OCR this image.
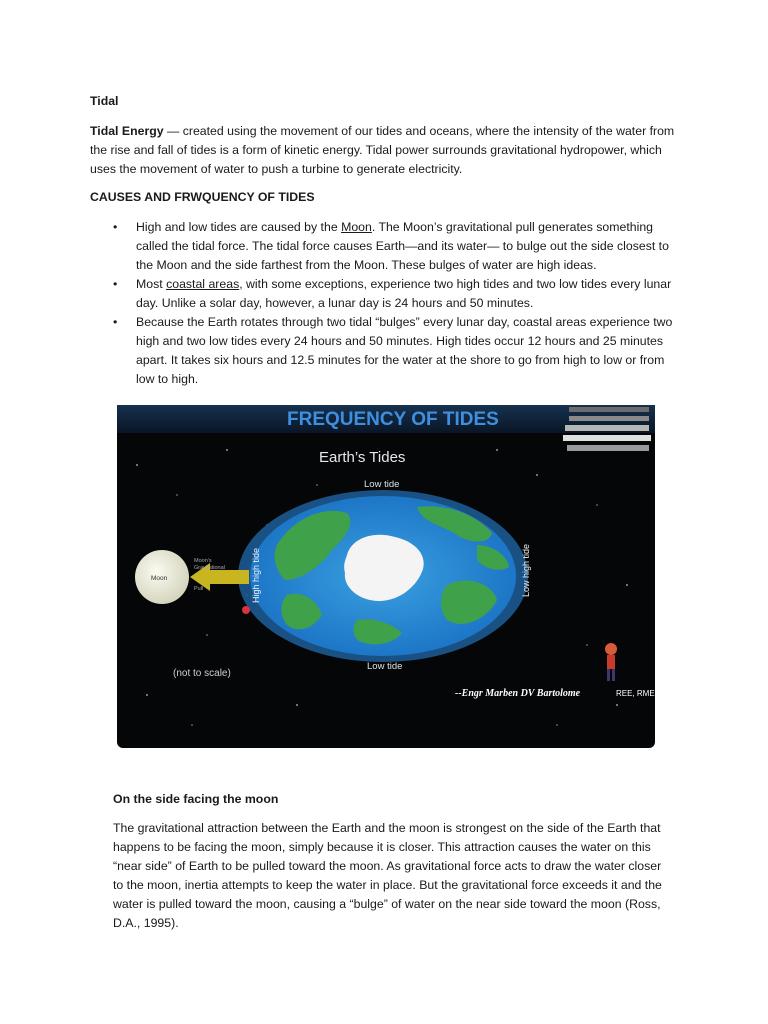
Tidal

Tidal Energy — created using the movement of our tides and oceans, where the intensity of the water from the rise and fall of tides is a form of kinetic energy. Tidal power surrounds gravitational hydropower, which uses the movement of water to push a turbine to generate electricity.

CAUSES AND FRWQUENCY OF TIDES
• High and low tides are caused by the Moon. The Moon’s gravitational pull generates something called the tidal force. The tidal force causes Earth—and its water— to bulge out the side closest to the Moon and the side farthest from the Moon. These bulges of water are high ideas.
• Most coastal areas, with some exceptions, experience two high tides and two low tides every lunar day. Unlike a solar day, however, a lunar day is 24 hours and 50 minutes.
• Because the Earth rotates through two tidal “bulges” every lunar day, coastal areas experience two high and two low tides every 24 hours and 50 minutes. High tides occur 12 hours and 25 minutes apart. It takes six hours and 12.5 minutes for the water at the shore to go from high to low or from low to high.
FREQUENCY OF TIDES
Earth’s Tides
Low tide
Low tide
High high tide	Low high tide
Moon
Moon’s
Gravitational
Pull
(not to scale)
--Engr Marben DV Bartolome	REE, RME
On the side facing the moon

The gravitational attraction between the Earth and the moon is strongest on the side of the Earth that happens to be facing the moon, simply because it is closer. This attraction causes the water on this “near side” of Earth to be pulled toward the moon. As gravitational force acts to draw the water closer to the moon, inertia attempts to keep the water in place. But the gravitational force exceeds it and the water is pulled toward the moon, causing a “bulge” of water on the near side toward the moon (Ross, D.A., 1995).
